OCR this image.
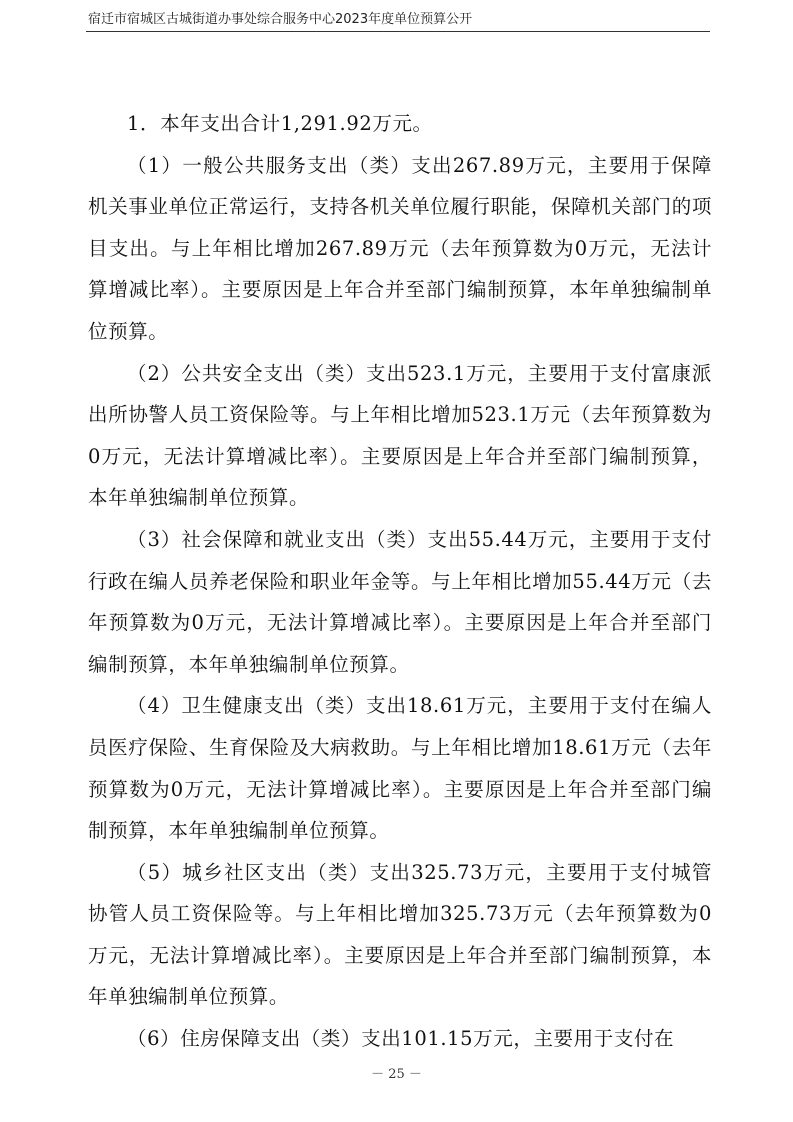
宿迁市宿城区古城街道办事处综合服务中心2023年度单位预算公开

1．本年支出合计1,291.92万元。

（1）一般公共服务支出（类）支出267.89万元，主要用于保障机关事业单位正常运行，支持各机关单位履行职能，保障机关部门的项目支出。与上年相比增加267.89万元（去年预算数为0万元，无法计算增减比率）。主要原因是上年合并至部门编制预算，本年单独编制单位预算。

（2）公共安全支出（类）支出523.1万元，主要用于支付富康派出所协警人员工资保险等。与上年相比增加523.1万元（去年预算数为0万元，无法计算增减比率）。主要原因是上年合并至部门编制预算，本年单独编制单位预算。

（3）社会保障和就业支出（类）支出55.44万元，主要用于支付行政在编人员养老保险和职业年金等。与上年相比增加55.44万元（去年预算数为0万元，无法计算增减比率）。主要原因是上年合并至部门编制预算，本年单独编制单位预算。

（4）卫生健康支出（类）支出18.61万元，主要用于支付在编人员医疗保险、生育保险及大病救助。与上年相比增加18.61万元（去年预算数为0万元，无法计算增减比率）。主要原因是上年合并至部门编制预算，本年单独编制单位预算。

（5）城乡社区支出（类）支出325.73万元，主要用于支付城管协管人员工资保险等。与上年相比增加325.73万元（去年预算数为0万元，无法计算增减比率）。主要原因是上年合并至部门编制预算，本年单独编制单位预算。

（6）住房保障支出（类）支出101.15万元，主要用于支付在

－ 25 －
